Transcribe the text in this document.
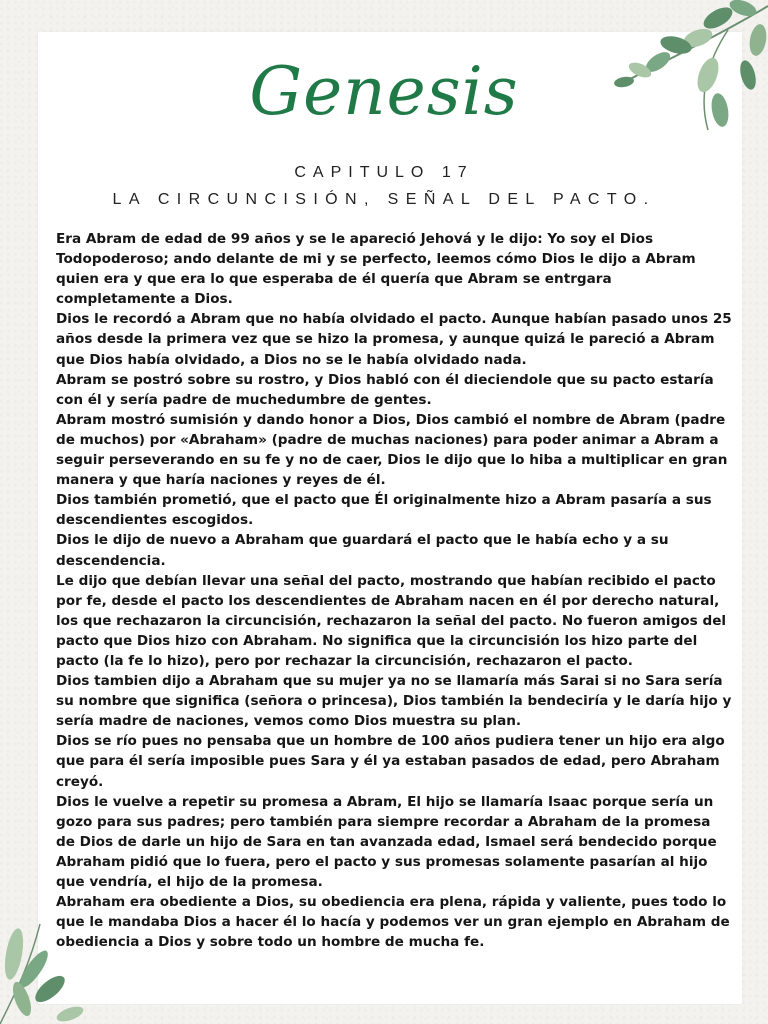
Genesis
CAPITULO 17
LA CIRCUNCISIÓN, SEÑAL DEL PACTO.

Era Abram de edad de 99 años y se le apareció Jehová y le dijo: Yo soy el Dios Todopoderoso; ando delante de mi y se perfecto, leemos cómo Dios le dijo a Abram quien era y que era lo que esperaba de él quería que Abram se entrgara completamente a Dios.

Dios le recordó a Abram que no había olvidado el pacto. Aunque habían pasado unos 25 años desde la primera vez que se hizo la promesa, y aunque quizá le pareció a Abram que Dios había olvidado, a Dios no se le había olvidado nada.

Abram se postró sobre su rostro, y Dios habló con él dieciendole que su pacto estaría con él y sería padre de muchedumbre de gentes.

Abram mostró sumisión y dando honor a Dios, Dios cambió el nombre de Abram (padre de muchos) por «Abraham» (padre de muchas naciones) para poder animar a Abram a seguir perseverando en su fe y no de caer, Dios le dijo que lo hiba a multiplicar en gran manera y que haría naciones y reyes de él.

Dios también prometió, que el pacto que Él originalmente hizo a Abram pasaría a sus descendientes escogidos.

Dios le dijo de nuevo a Abraham que guardará el pacto que le había echo y a su descendencia.

Le dijo que debían llevar una señal del pacto, mostrando que habían recibido el pacto por fe, desde el pacto los descendientes de Abraham nacen en él por derecho natural, los que rechazaron la circuncisión, rechazaron la señal del pacto. No fueron amigos del pacto que Dios hizo con Abraham. No significa que la circuncisión los hizo parte del pacto (la fe lo hizo), pero por rechazar la circuncisión, rechazaron el pacto.

Dios tambien dijo a Abraham que su mujer ya no se llamaría más Sarai si no Sara sería su nombre que significa (señora o princesa), Dios también la bendeciría y le daría hijo y sería madre de naciones, vemos como Dios muestra su plan.

Dios se río pues no pensaba que un hombre de 100 años pudiera tener un hijo era algo que para él sería imposible pues Sara y él ya estaban pasados de edad, pero Abraham creyó.

Dios le vuelve a repetir su promesa a Abram, El hijo se llamaría Isaac porque sería un gozo para sus padres; pero también para siempre recordar a Abraham de la promesa de Dios de darle un hijo de Sara en tan avanzada edad, Ismael será bendecido porque Abraham pidió que lo fuera, pero el pacto y sus promesas solamente pasarían al hijo que vendría, el hijo de la promesa.

Abraham era obediente a Dios, su obediencia era plena, rápida y valiente, pues todo lo que le mandaba Dios a hacer él lo hacía y podemos ver un gran ejemplo en Abraham de obediencia a Dios y sobre todo un hombre de mucha fe.
